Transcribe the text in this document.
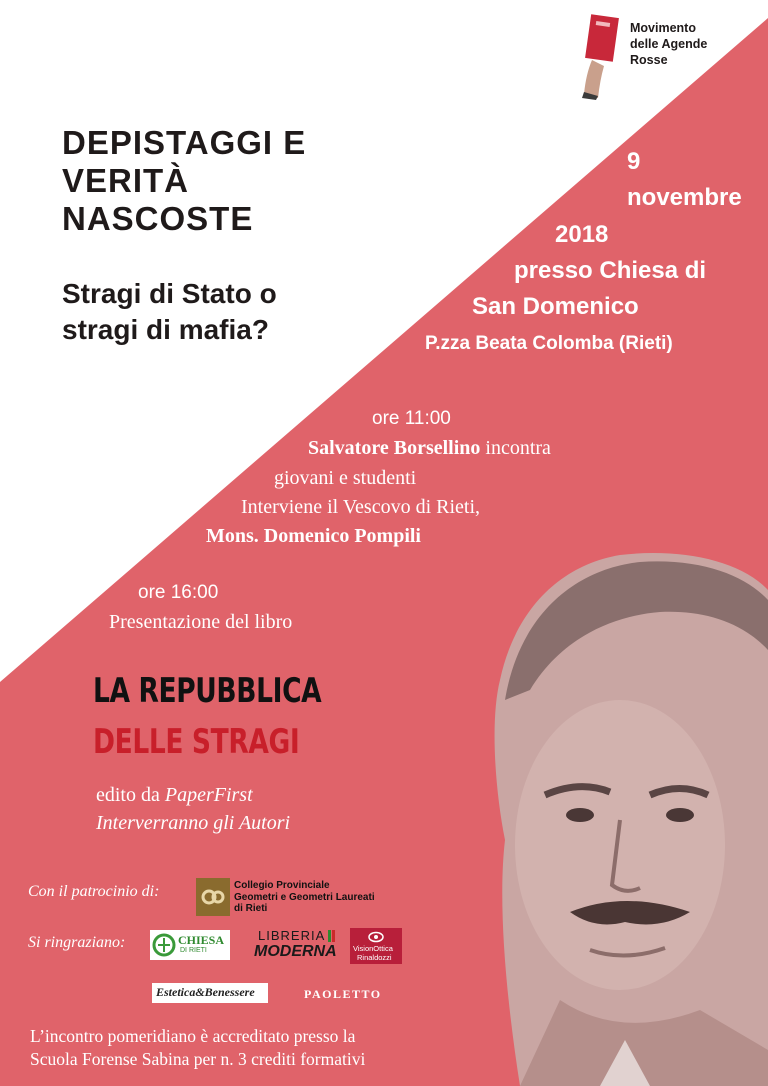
Movimento
delle Agende
Rosse
DEPISTAGGI E
VERITÀ
NASCOSTE
Stragi di Stato o
stragi di mafia?
9
novembre
2018
presso Chiesa di
San Domenico
P.zza Beata Colomba (Rieti)
ore 11:00
Salvatore Borsellino incontra
giovani e studenti
Interviene il Vescovo di Rieti,
Mons. Domenico Pompili
ore 16:00
Presentazione del libro
LA REPUBBLICA
DELLE STRAGI
edito da PaperFirst
Interverranno gli Autori
Con il patrocinio di:	Collegio Provinciale
Geometri e Geometri Laureati
di Rieti
Si ringraziano:	CHIESA
DI RIETI
LIBRERIA
MODERNA VisionOttica
Rinaldozzi
Estetica&Benessere	PAOLETTO
L’incontro pomeridiano è accreditato presso la
Scuola Forense Sabina per n. 3 crediti formativi
